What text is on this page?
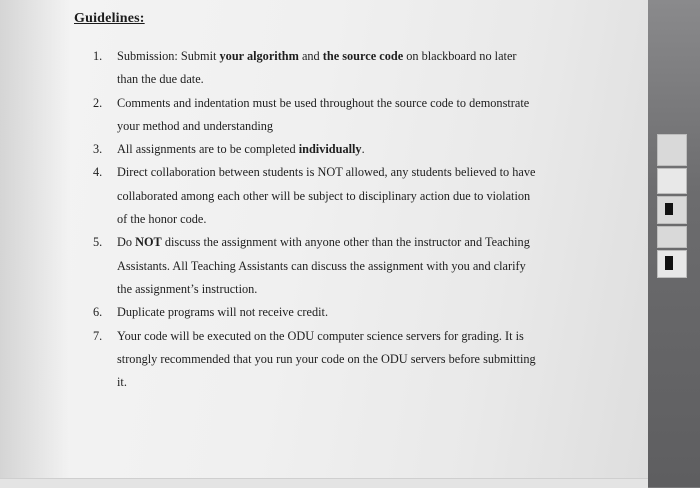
Guidelines:
1. Submission: Submit your algorithm and the source code on blackboard no later
than the due date.
2. Comments and indentation must be used throughout the source code to demonstrate
your method and understanding
3. All assignments are to be completed individually.
4. Direct collaboration between students is NOT allowed, any students believed to have
collaborated among each other will be subject to disciplinary action due to violation
of the honor code.
5. Do NOT discuss the assignment with anyone other than the instructor and Teaching
Assistants. All Teaching Assistants can discuss the assignment with you and clarify
the assignment’s instruction.
6. Duplicate programs will not receive credit.
7. Your code will be executed on the ODU computer science servers for grading. It is
strongly recommended that you run your code on the ODU servers before submitting
it.
